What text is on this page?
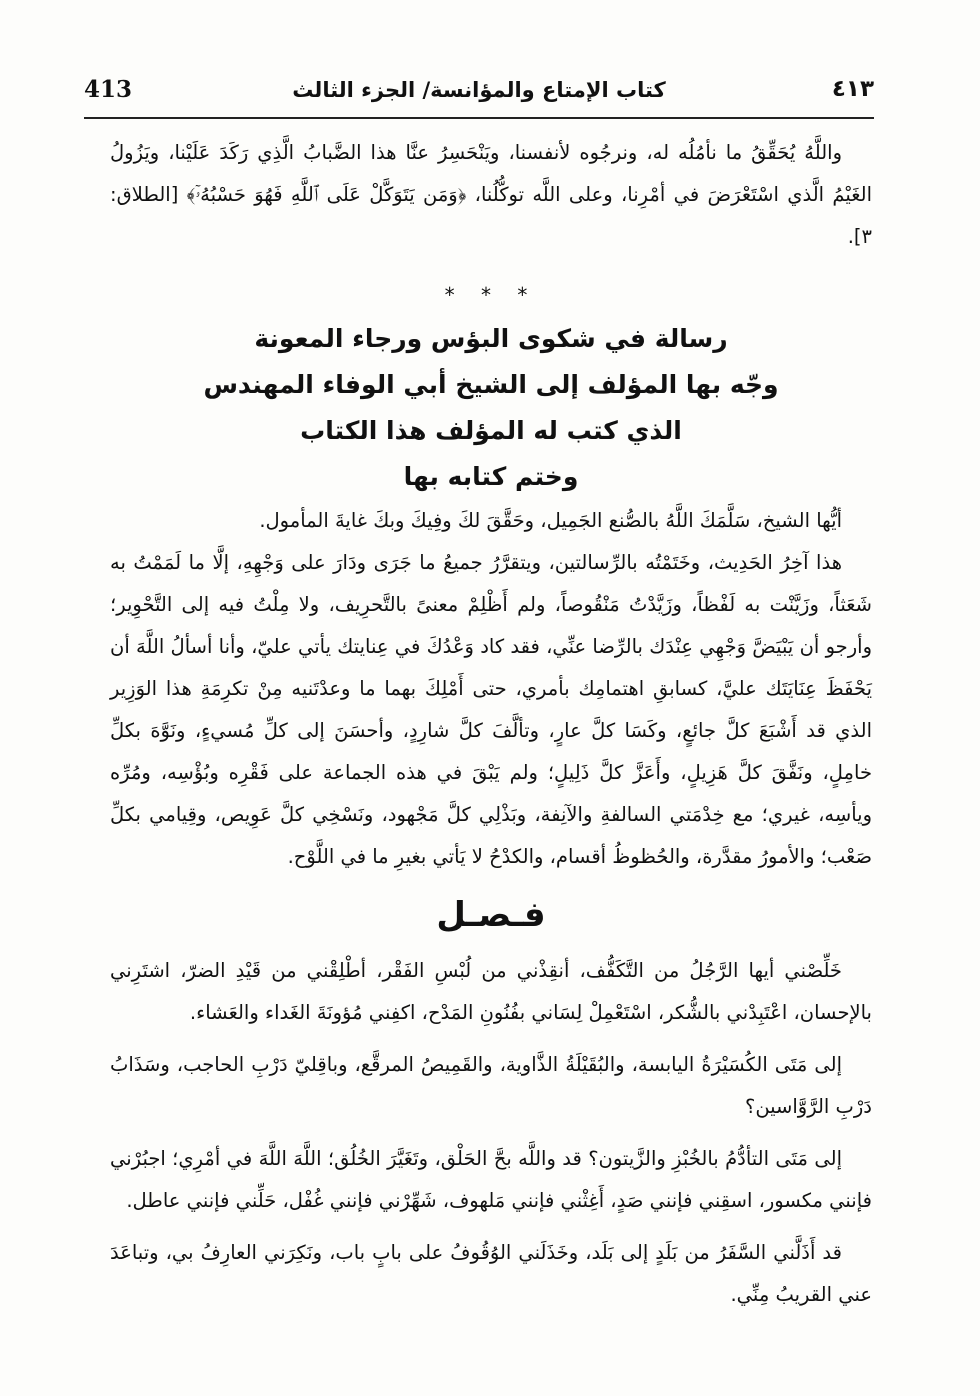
413	كتاب الإمتاع والمؤانسة/ الجزء الثالث	٤١٣

واللَّهُ يُحَقِّقُ ما نأمُلُه له، ونرجُوه لأنفسنا، ويَنْحَسِرُ عنَّا هذا الضَّبابُ الَّذِي رَكَدَ عَلَيْنا، ويَزُولُ الغَيْمُ الَّذي اسْتَعْرَضَ في أمْرِنا، وعلى اللَّه توكُّلُنا، ﴿وَمَن يَتَوَكَّلْ عَلَى ٱللَّهِ فَهُوَ حَسْبُهُۥٓ﴾ [الطلاق: ٣].

* * *

رسالة في شكوى البؤس ورجاء المعونة

وجّه بها المؤلف إلى الشيخ أبي الوفاء المهندس

الذي كتب له المؤلف هذا الكتاب

وختم كتابه بها

أيُّها الشيخ، سَلَّمَكَ اللَّهُ بالصُّنع الجَمِيل، وحَقَّقَ لكَ وفِيكَ وبكَ غايةَ المأمول.

هذا آخِرُ الحَدِيث، وخَتَمْتُه بالرِّسالتين، ويتقرَّرُ جميعُ ما جَرَى ودَارَ على وَجْهِهِ، إلَّا ما لَمَمْتُ به شَعَثاً، وزَيَّنْت به لَفْظاً، وزَيَّدْتُ مَنْقُوصاً، ولم أَظْلِمْ معنىً بالتَّحرِيف، ولا مِلْتُ فيه إلى التَّحْوِير؛ وأرجو أن يَبْيَضَّ وَجْهِي عِنْدَك بالرِّضا عنِّي، فقد كاد وَعْدُكَ في عِنايتك يأتي عليّ، وأنا أسألُ اللَّهَ أن يَحْفَظَ عِنَايَتَك عليَّ، كسابقِ اهتمامِك بأمري، حتى أَمْلِكَ بهما ما وعدْتَنيه مِنْ تكرِمَةِ هذا الوَزِير الذي قد أَشْبَعَ كلَّ جائعٍ، وكَسَا كلَّ عارٍ، وتألَّفَ كلَّ شارِدٍ، وأحسَنَ إلى كلِّ مُسيءٍ، ونَوَّهَ بكلِّ خامِلٍ، ونَفَّقَ كلَّ هَزِيلٍ، وأَعَزَّ كلَّ ذَلِيلٍ؛ ولم يَبْقَ في هذه الجماعة على فَقْرِه وبُؤْسِه، ومُرِّه ويأسِه، غيري؛ مع خِدْمَتي السالفةِ والآنِفة، وبَذْلِي كلَّ مَجْهود، ونَسْخِي كلَّ عَوِيص، وقِيامي بكلِّ صَعْب؛ والأمورُ مقدَّرة، والحُظوظُ أقسام، والكدْحُ لا يَأتي بغيرِ ما في اللَّوْح.

فـصـل

خَلِّصْني أيها الرَّجُلُ من التَّكَفُّف، أنقِذْني من لُبْسِ الفَقْر، أطْلِقْني من قَيْدِ الضرّ، اشتَرِني بالإحسان، اعْتَبِدْني بالشُّكر، اسْتَعْمِلْ لِسَاني بفُنُونِ المَدْح، اكفِني مُؤونَةَ الغَداء والعَشاء.

إلى مَتَى الكُسَيْرَةُ اليابسة، والبُقَيْلَةُ الذَّاوية، والقَمِيصُ المرقَّع، وباقِليّ دَرْبِ الحاجب، وسَذَابُ دَرْبِ الرَّوَّاسين؟

إلى مَتَى التأدُّمُ بالخُبْزِ والزَّيتون؟ قد واللَّه بحَّ الحَلْق، وتَغَيَّرَ الخُلُق؛ اللَّهَ اللَّهَ في أمْرِي؛ اجبُرْني فإنني مكسور، اسقِني فإنني صَدٍ، أَغِثْني فإنني مَلهوف، شَهِّرْني فإنني غُفْل، حَلِّني فإنني عاطل.

قد أَذَلَّني السَّفَرُ من بَلَدٍ إلى بَلَد، وخَذَلَني الوُقُوفُ على بابٍ باب، ونَكِرَني العارِفُ بي، وتباعَدَ عني القريبُ مِنِّي.
